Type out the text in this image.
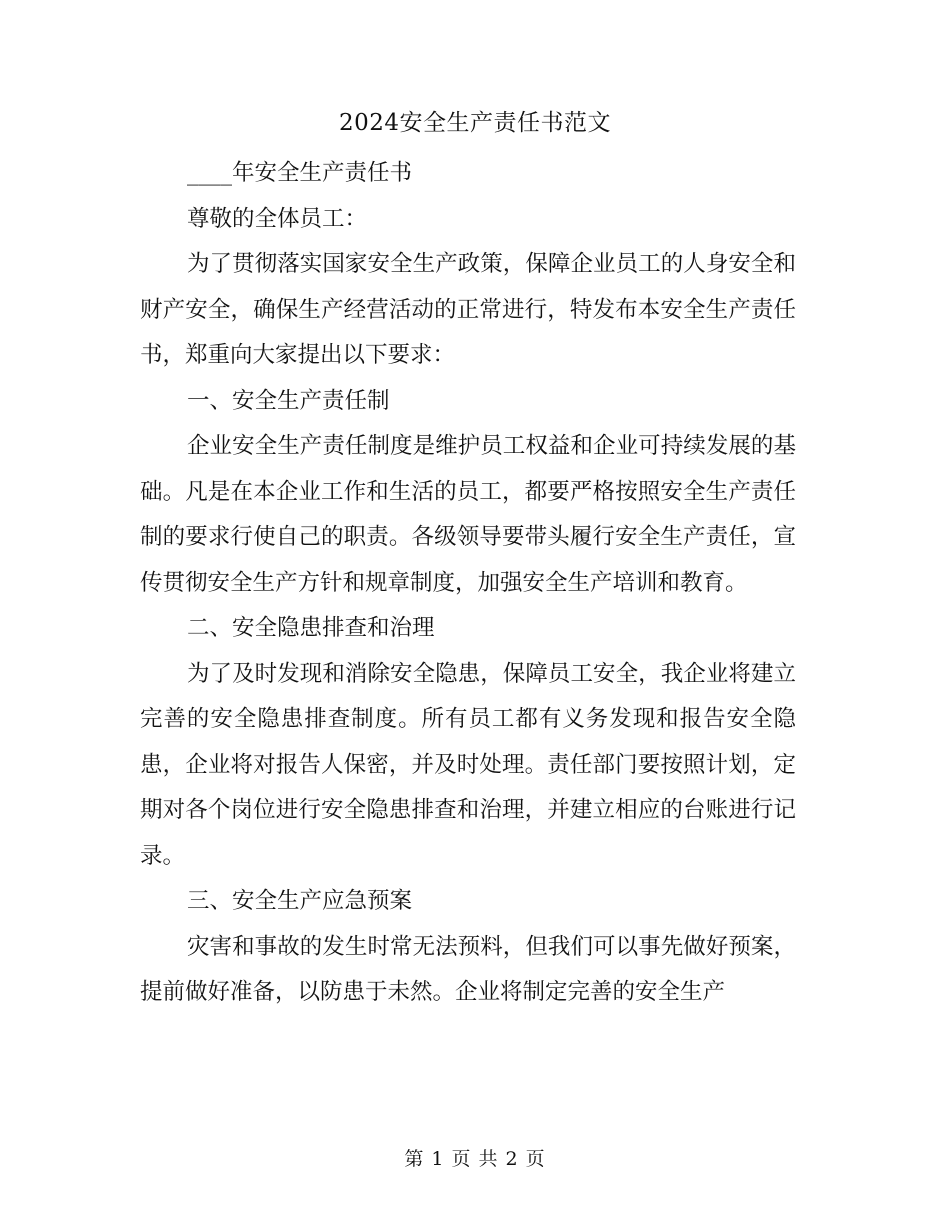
2024安全生产责任书范文

____年安全生产责任书

尊敬的全体员工：

为了贯彻落实国家安全生产政策，保障企业员工的人身安全和财产安全，确保生产经营活动的正常进行，特发布本安全生产责任书，郑重向大家提出以下要求：

一、安全生产责任制

企业安全生产责任制度是维护员工权益和企业可持续发展的基础。凡是在本企业工作和生活的员工，都要严格按照安全生产责任制的要求行使自己的职责。各级领导要带头履行安全生产责任，宣传贯彻安全生产方针和规章制度，加强安全生产培训和教育。

二、安全隐患排查和治理

为了及时发现和消除安全隐患，保障员工安全，我企业将建立完善的安全隐患排查制度。所有员工都有义务发现和报告安全隐患，企业将对报告人保密，并及时处理。责任部门要按照计划，定期对各个岗位进行安全隐患排查和治理，并建立相应的台账进行记录。

三、安全生产应急预案

灾害和事故的发生时常无法预料，但我们可以事先做好预案，提前做好准备，以防患于未然。企业将制定完善的安全生产

第 1 页 共 2 页
